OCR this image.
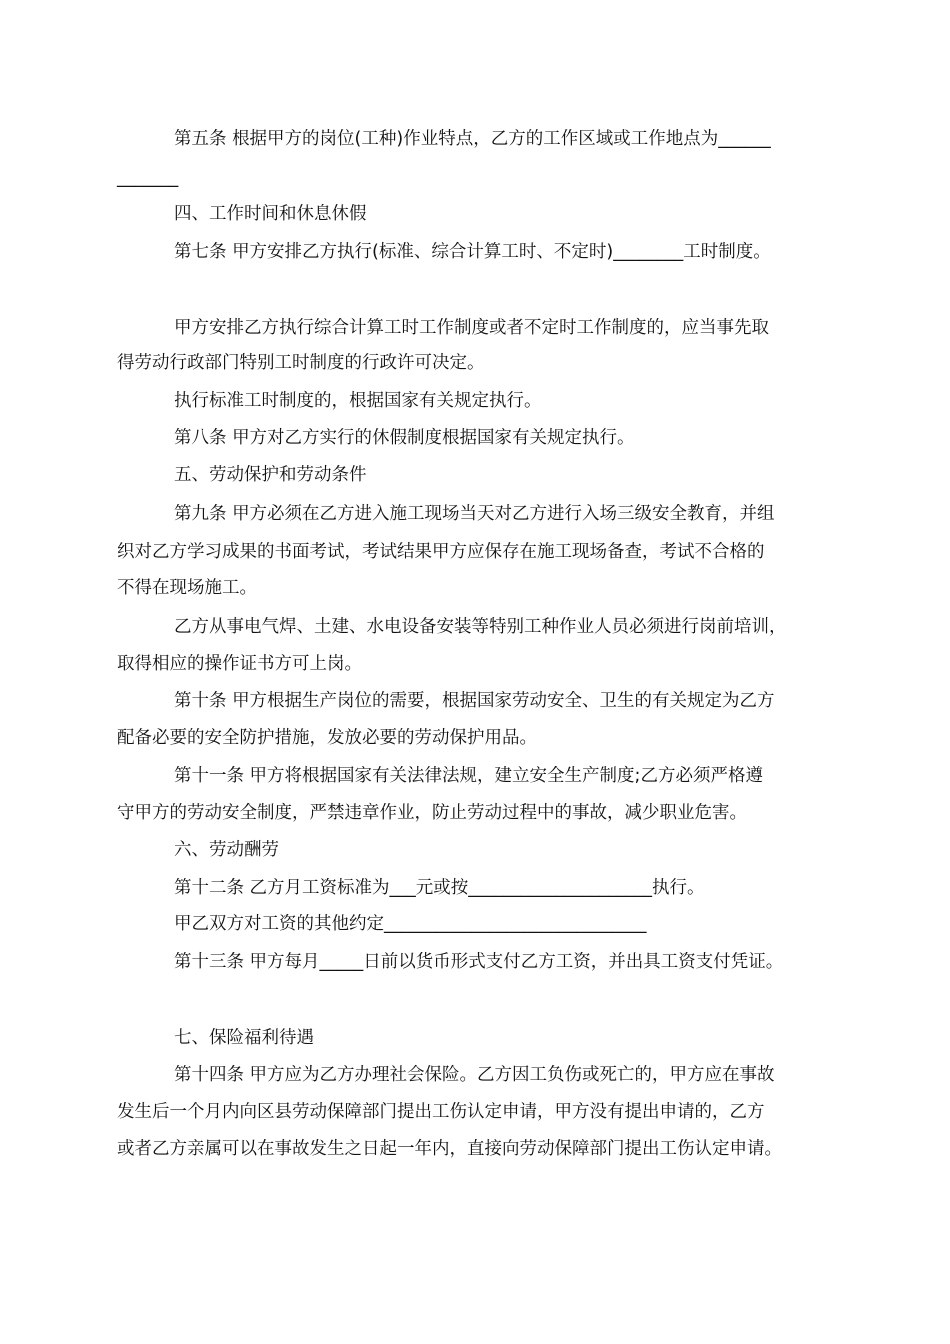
第五条 根据甲方的岗位(工种)作业特点，乙方的工作区域或工作地点为______
_______
四、工作时间和休息休假
第七条 甲方安排乙方执行(标准、综合计算工时、不定时)________工时制度。
甲方安排乙方执行综合计算工时工作制度或者不定时工作制度的，应当事先取
得劳动行政部门特别工时制度的行政许可决定。
执行标准工时制度的，根据国家有关规定执行。
第八条 甲方对乙方实行的休假制度根据国家有关规定执行。
五、劳动保护和劳动条件
第九条 甲方必须在乙方进入施工现场当天对乙方进行入场三级安全教育，并组
织对乙方学习成果的书面考试，考试结果甲方应保存在施工现场备查，考试不合格的
不得在现场施工。
乙方从事电气焊、土建、水电设备安装等特别工种作业人员必须进行岗前培训，
取得相应的操作证书方可上岗。
第十条 甲方根据生产岗位的需要，根据国家劳动安全、卫生的有关规定为乙方
配备必要的安全防护措施，发放必要的劳动保护用品。
第十一条 甲方将根据国家有关法律法规，建立安全生产制度;乙方必须严格遵
守甲方的劳动安全制度，严禁违章作业，防止劳动过程中的事故，减少职业危害。
六、劳动酬劳
第十二条 乙方月工资标准为___元或按_____________________执行。
甲乙双方对工资的其他约定______________________________
第十三条 甲方每月_____日前以货币形式支付乙方工资，并出具工资支付凭证。
七、保险福利待遇
第十四条 甲方应为乙方办理社会保险。乙方因工负伤或死亡的，甲方应在事故
发生后一个月内向区县劳动保障部门提出工伤认定申请，甲方没有提出申请的，乙方
或者乙方亲属可以在事故发生之日起一年内，直接向劳动保障部门提出工伤认定申请。
